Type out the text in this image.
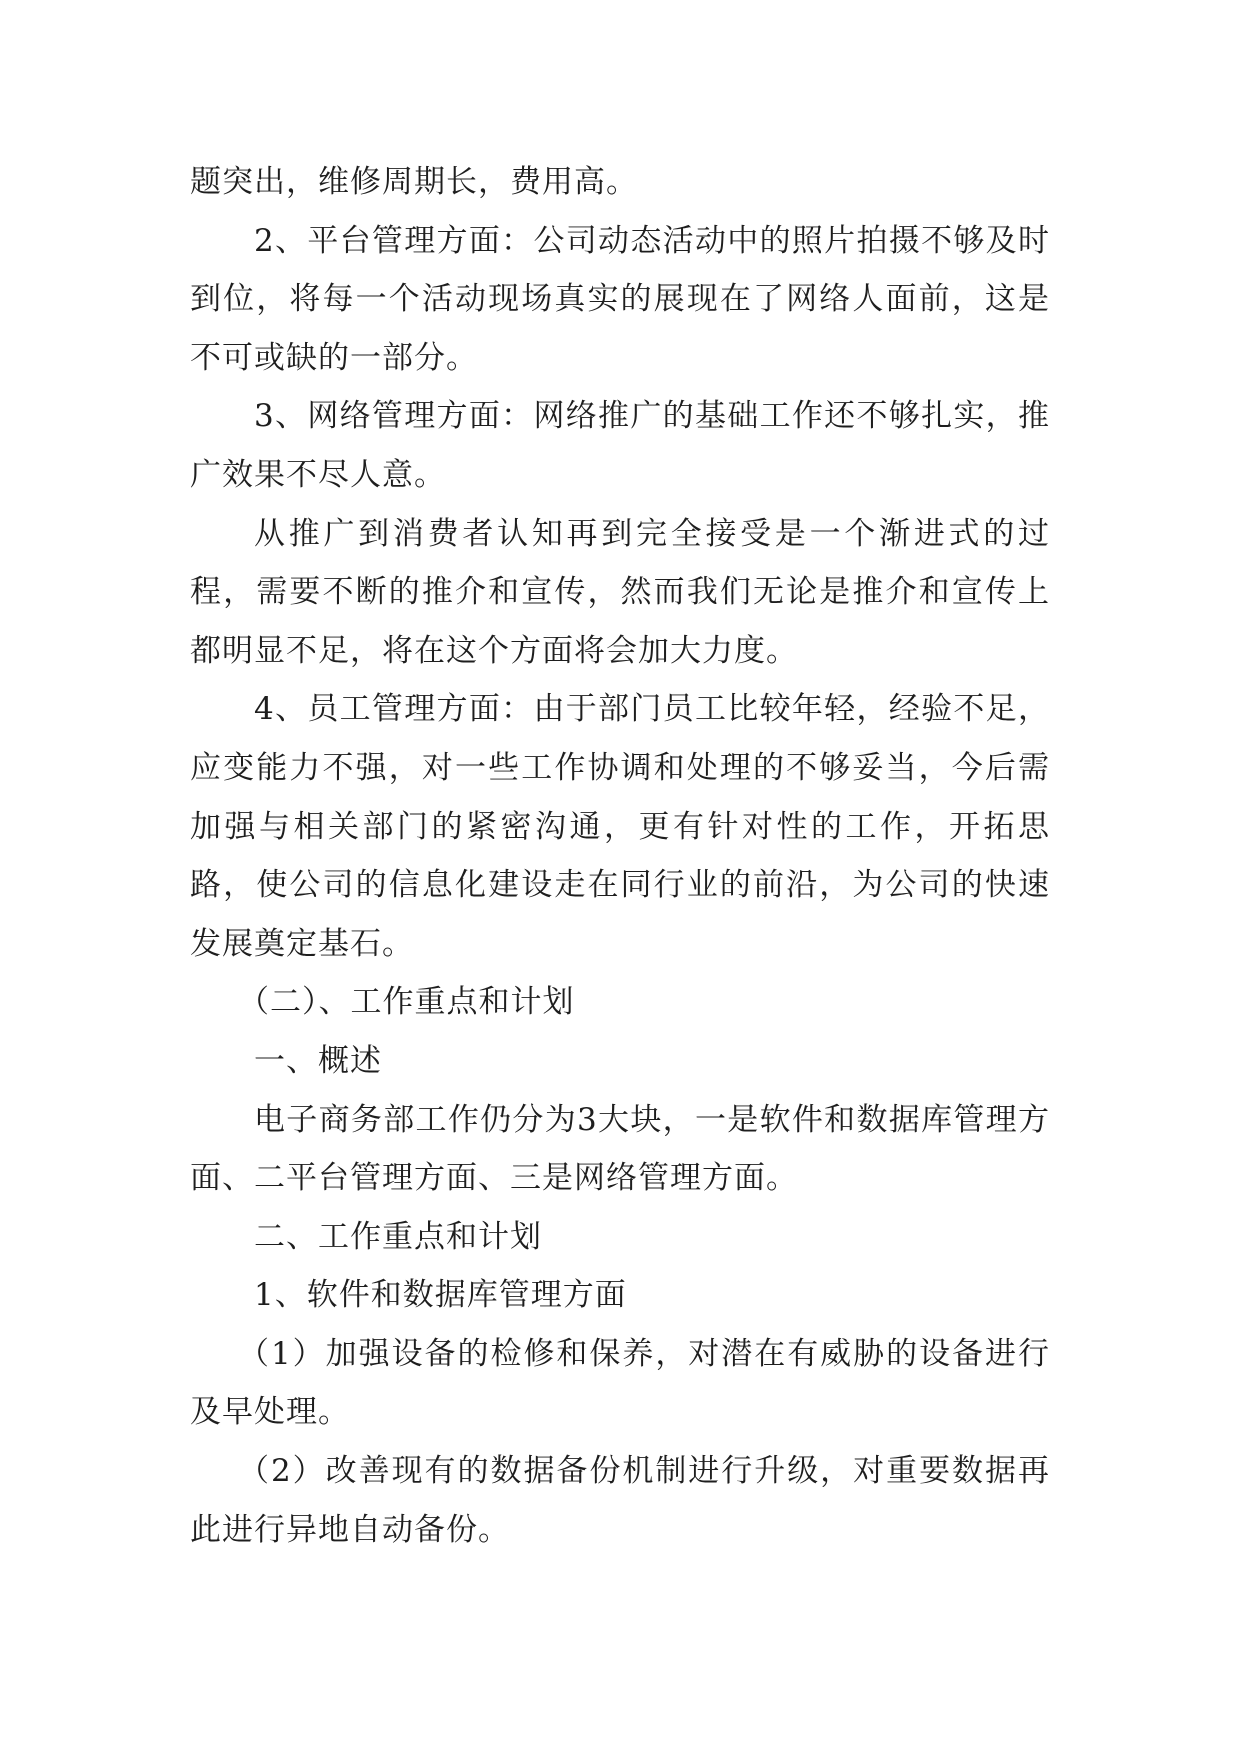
题突出，维修周期长，费用高。

2、平台管理方面：公司动态活动中的照片拍摄不够及时到位，将每一个活动现场真实的展现在了网络人面前，这是不可或缺的一部分。

3、网络管理方面：网络推广的基础工作还不够扎实，推广效果不尽人意。

从推广到消费者认知再到完全接受是一个渐进式的过程，需要不断的推介和宣传，然而我们无论是推介和宣传上都明显不足，将在这个方面将会加大力度。

4、员工管理方面：由于部门员工比较年轻，经验不足，应变能力不强，对一些工作协调和处理的不够妥当，今后需加强与相关部门的紧密沟通，更有针对性的工作，开拓思路，使公司的信息化建设走在同行业的前沿，为公司的快速发展奠定基石。

（二）、工作重点和计划

一、概述

电子商务部工作仍分为3大块，一是软件和数据库管理方面、二平台管理方面、三是网络管理方面。

二、工作重点和计划

1、软件和数据库管理方面

（1）加强设备的检修和保养，对潜在有威胁的设备进行及早处理。

（2）改善现有的数据备份机制进行升级，对重要数据再此进行异地自动备份。
